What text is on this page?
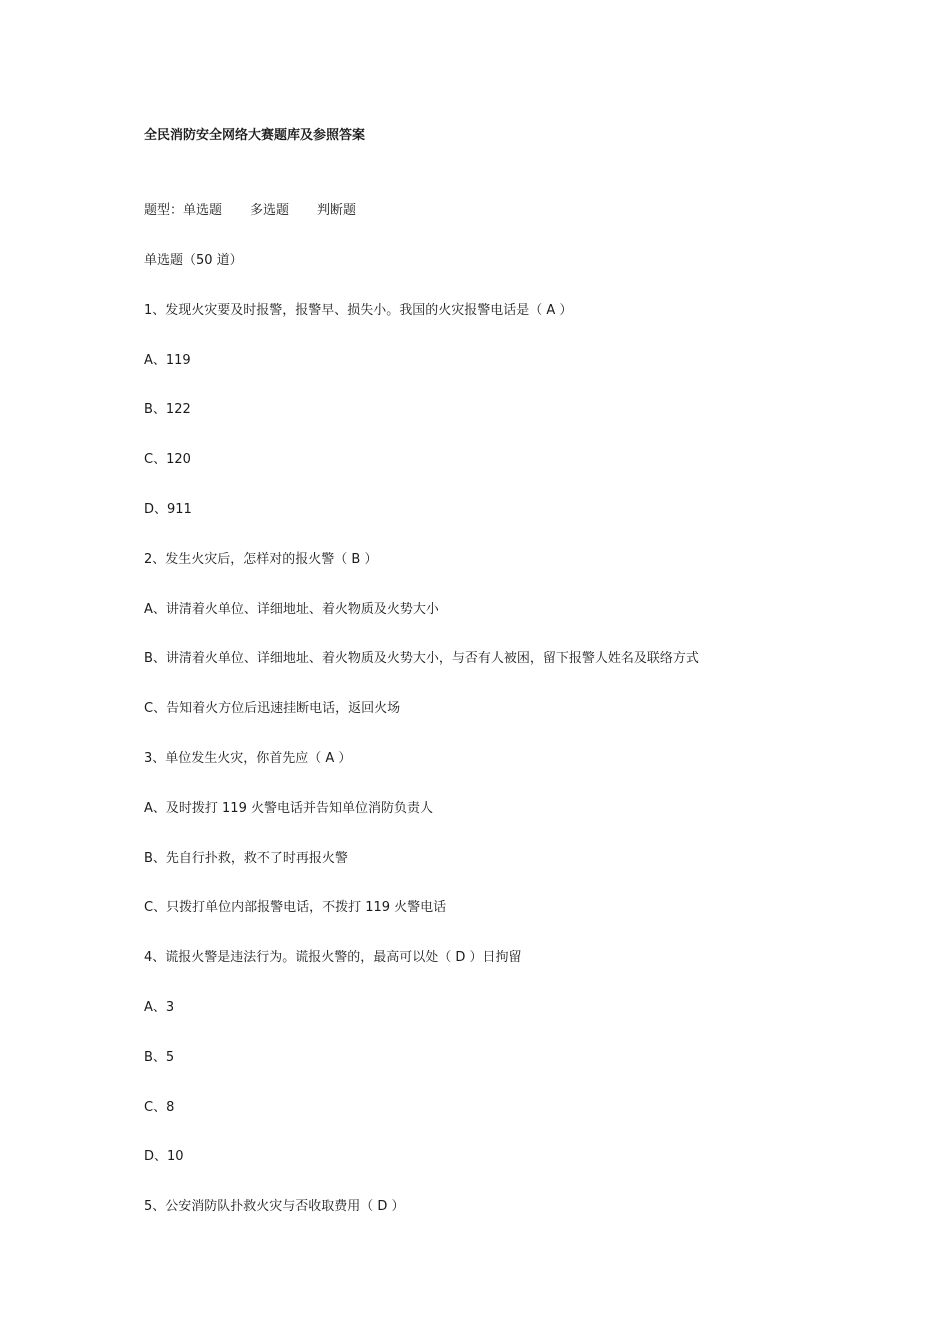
全民消防安全网络大赛题库及参照答案
题型：单选题 多选题 判断题
单选题（50 道）
1、发现火灾要及时报警，报警早、损失小。我国的火灾报警电话是（ A ）
A、119
B、122
C、120
D、911
2、发生火灾后，怎样对的报火警（ B ）
A、讲清着火单位、详细地址、着火物质及火势大小
B、讲清着火单位、详细地址、着火物质及火势大小，与否有人被困，留下报警人姓名及联络方式
C、告知着火方位后迅速挂断电话，返回火场
3、单位发生火灾，你首先应（ A ）
A、及时拨打 119 火警电话并告知单位消防负责人
B、先自行扑救，救不了时再报火警
C、只拨打单位内部报警电话，不拨打 119 火警电话
4、谎报火警是违法行为。谎报火警的，最高可以处（ D ）日拘留
A、3
B、5
C、8
D、10
5、公安消防队扑救火灾与否收取费用（ D ）
